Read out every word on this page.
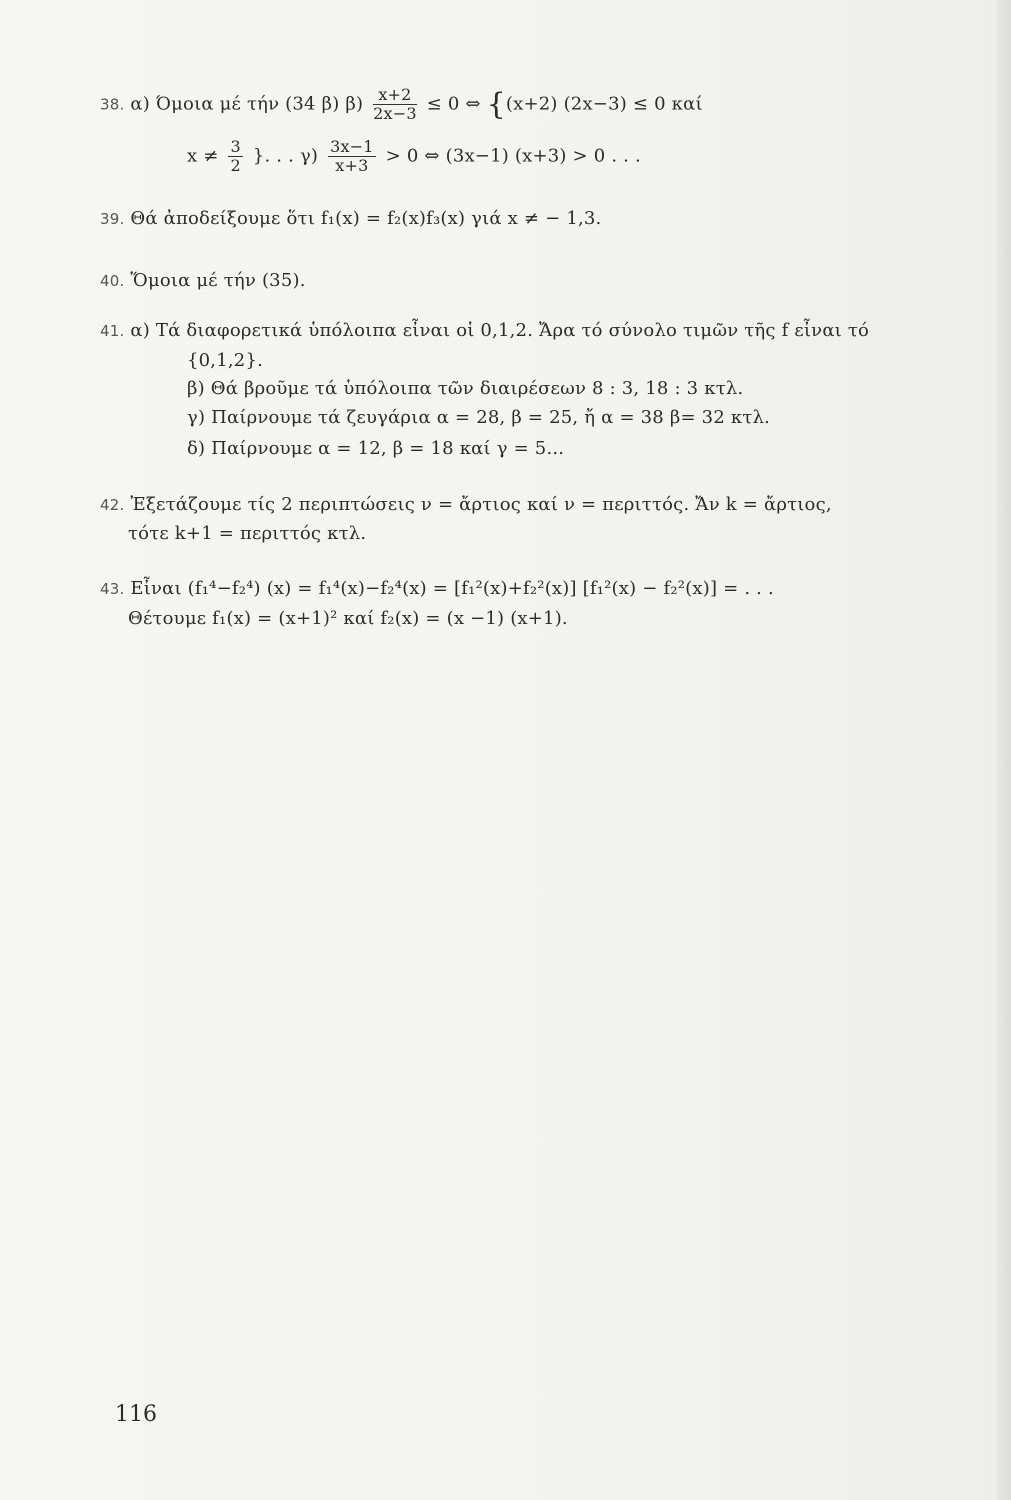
38. α) Όμοια μέ τήν (34 β) $\beta) \frac{x+2}{2x-3} \le 0$ ⇔ {(x+2) (2x−3) ≤ 0 καί
$x \ne \frac{3}{2}$ }. . . $\gamma) \frac{3x-1}{x+3} > 0$ ⇔ (3x−1) (x+3) > 0 . . .
39. Θά ἀποδείξουμε ὅτι f₁(x) = f₂(x)f₃(x) γιά x ≠ − 1,3.
40. Ὅμοια μέ τήν (35).
41. α) Τά διαφορετικά ὑπόλοιπα εἶναι οἱ 0,1,2. Ἄρα τό σύνολο τιμῶν τῆς f εἶναι τό
{0,1,2}.
β) Θά βροῦμε τά ὑπόλοιπα τῶν διαιρέσεων 8 : 3, 18 : 3 κτλ.
γ) Παίρνουμε τά ζευγάρια α = 28, β = 25, ἤ α = 38 β= 32 κτλ.
δ) Παίρνουμε α = 12, β = 18 καί γ = 5...
42. Ἐξετάζουμε τίς 2 περιπτώσεις ν = ἄρτιος καί ν = περιττός. Ἄν k = ἄρτιος,
τότε k+1 = περιττός κτλ.
43. Εἶναι (f₁⁴−f₂⁴) (x) = f₁⁴(x)−f₂⁴(x) = [f₁²(x)+f₂²(x)] [f₁²(x) − f₂²(x)] = . . .
Θέτουμε f₁(x) = (x+1)² καί f₂(x) = (x −1) (x+1).
116
